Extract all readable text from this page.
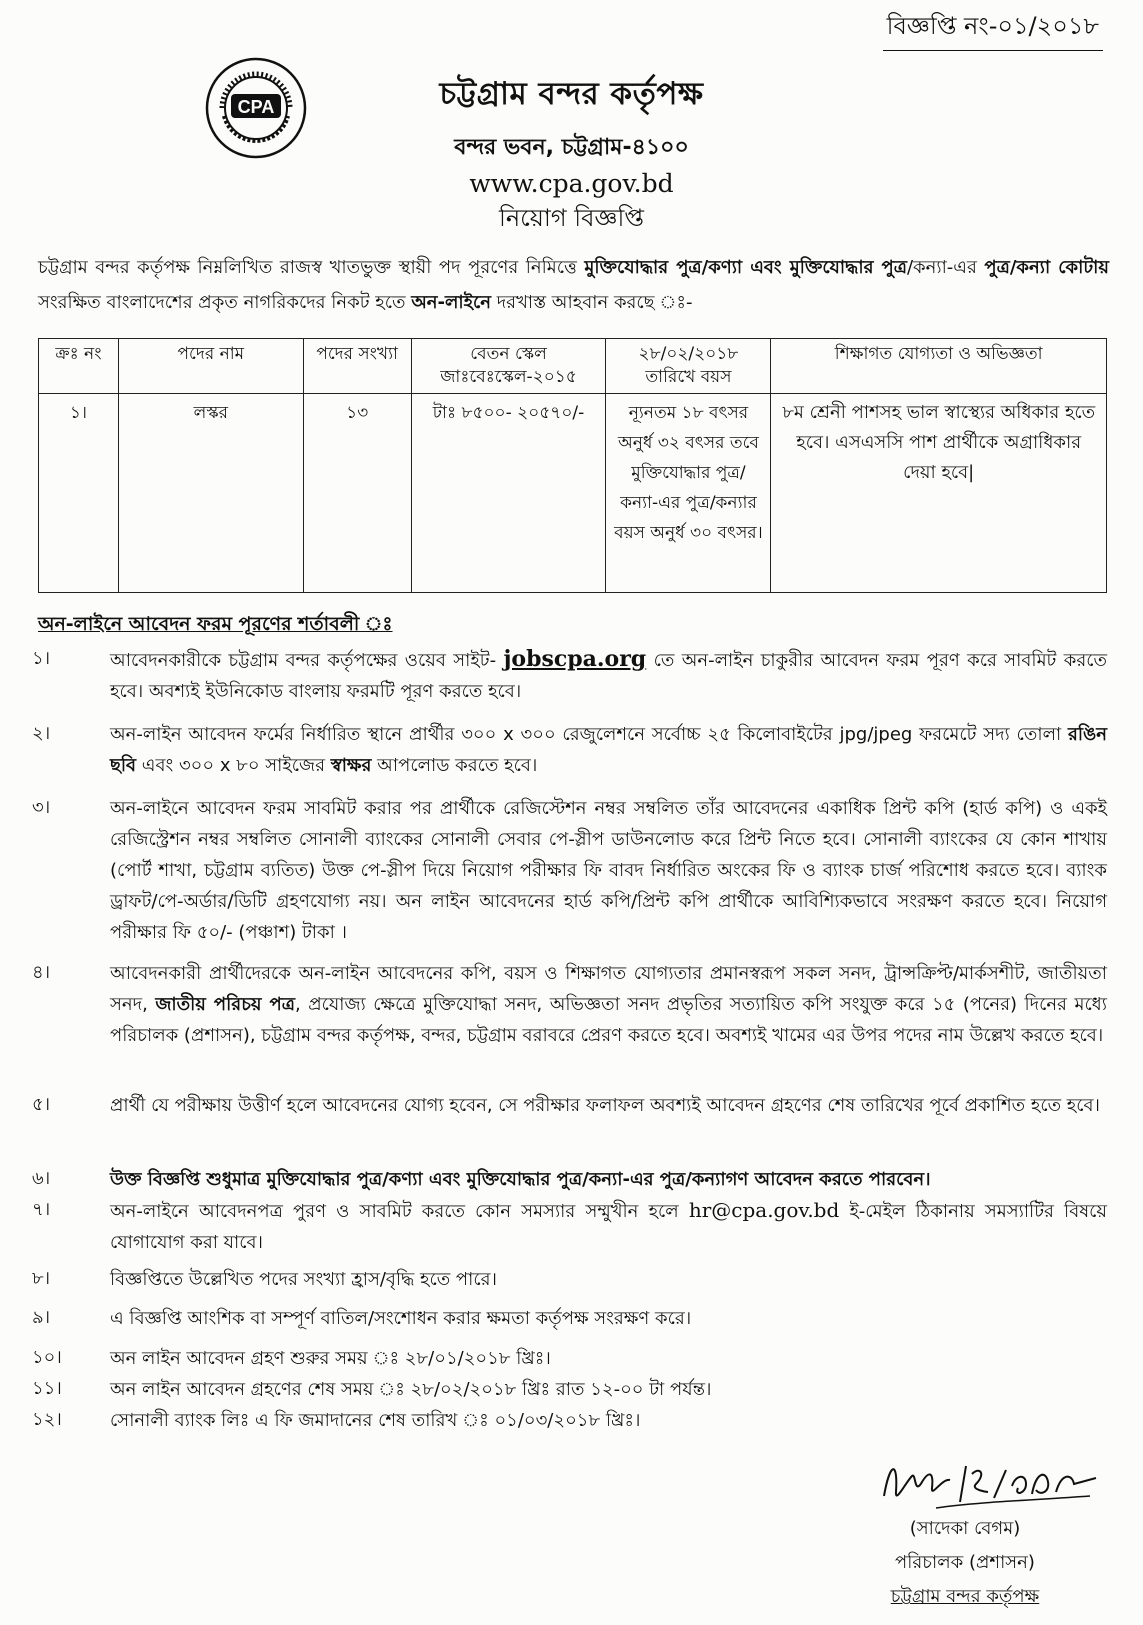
বিজ্ঞপ্তি নং-০১/২০১৮
CPA	চট্টগ্রাম বন্দর কর্তৃপক্ষ
বন্দর ভবন, চট্টগ্রাম-৪১০০
www.cpa.gov.bd
নিয়োগ বিজ্ঞপ্তি
চট্টগ্রাম বন্দর কর্তৃপক্ষ নিম্নলিখিত রাজস্ব খাতভুক্ত স্থায়ী পদ পূরণের নিমিত্তে মুক্তিযোদ্ধার পুত্র/কণ্যা এবং মুক্তিযোদ্ধার পুত্র/কন্যা-এর পুত্র/কন্যা কোটায় সংরক্ষিত বাংলাদেশের প্রকৃত নাগরিকদের নিকট হতে অন-লাইনে দরখাস্ত আহবান করছে ঃ-
ক্রঃ নং	পদের নাম	পদের সংখ্যা	বেতন স্কেল জাঃবেঃস্কেল-২০১৫	২৮/০২/২০১৮ তারিখে বয়স	শিক্ষাগত যোগ্যতা ও অভিজ্ঞতা
১।	লস্কর	১৩	টাঃ ৮৫০০- ২০৫৭০/-	ন্যূনতম ১৮ বৎসর অনুর্ধ ৩২ বৎসর তবে মুক্তিযোদ্ধার পুত্র/কন্যা-এর পুত্র/কন্যার বয়স অনুর্ধ ৩০ বৎসর।	৮ম শ্রেনী পাশসহ ভাল স্বাস্থ্যের অধিকার হতে হবে। এসএসসি পাশ প্রার্থীকে অগ্রাধিকার দেয়া হবে|
অন-লাইনে আবেদন ফরম পূরণের শর্তাবলী ঃ
১।	আবেদনকারীকে চট্টগ্রাম বন্দর কর্তৃপক্ষের ওয়েব সাইট- jobscpa.org তে অন-লাইন চাকুরীর আবেদন ফরম পূরণ করে সাবমিট করতে হবে। অবশ্যই ইউনিকোড বাংলায় ফরমটি পূরণ করতে হবে।
২।	অন-লাইন আবেদন ফর্মের নির্ধারিত স্থানে প্রার্থীর ৩০০ x ৩০০ রেজুলেশনে সর্বোচ্চ ২৫ কিলোবাইটের jpg/jpeg ফরমেটে সদ্য তোলা রঙিন ছবি এবং ৩০০ x ৮০ সাইজের স্বাক্ষর আপলোড করতে হবে।
৩।	অন-লাইনে আবেদন ফরম সাবমিট করার পর প্রার্থীকে রেজিস্টেশন নম্বর সম্বলিত তাঁর আবেদনের একাধিক প্রিন্ট কপি (হার্ড কপি) ও একই রেজিস্ট্রেশন নম্বর সম্বলিত সোনালী ব্যাংকের সোনালী সেবার পে-স্লীপ ডাউনলোড করে প্রিন্ট নিতে হবে। সোনালী ব্যাংকের যে কোন শাখায় (পোর্ট শাখা, চট্টগ্রাম ব্যতিত) উক্ত পে-স্লীপ দিয়ে নিয়োগ পরীক্ষার ফি বাবদ নির্ধারিত অংকের ফি ও ব্যাংক চার্জ পরিশোধ করতে হবে। ব্যাংক ড্রাফট/পে-অর্ডার/ডিটি গ্রহণযোগ্য নয়। অন লাইন আবেদনের হার্ড কপি/প্রিন্ট কপি প্রার্থীকে আবিশ্যিকভাবে সংরক্ষণ করতে হবে। নিয়োগ পরীক্ষার ফি ৫০/- (পঞ্চাশ) টাকা ।
৪।	আবেদনকারী প্রার্থীদেরকে অন-লাইন আবেদনের কপি, বয়স ও শিক্ষাগত যোগ্যতার প্রমানস্বরূপ সকল সনদ, ট্রান্সক্রিপ্ট/মার্কসশীট, জাতীয়তা সনদ, জাতীয় পরিচয় পত্র, প্রযোজ্য ক্ষেত্রে মুক্তিযোদ্ধা সনদ, অভিজ্ঞতা সনদ প্রভৃতির সত্যায়িত কপি সংযুক্ত করে ১৫ (পনের) দিনের মধ্যে পরিচালক (প্রশাসন), চট্টগ্রাম বন্দর কর্তৃপক্ষ, বন্দর, চট্টগ্রাম বরাবরে প্রেরণ করতে হবে। অবশ্যই খামের এর উপর পদের নাম উল্লেখ করতে হবে।
৫।	প্রার্থী যে পরীক্ষায় উত্তীর্ণ হলে আবেদনের যোগ্য হবেন, সে পরীক্ষার ফলাফল অবশ্যই আবেদন গ্রহণের শেষ তারিখের পূর্বে প্রকাশিত হতে হবে।
৬।	উক্ত বিজ্ঞপ্তি শুধুমাত্র মুক্তিযোদ্ধার পুত্র/কণ্যা এবং মুক্তিযোদ্ধার পুত্র/কন্যা-এর পুত্র/কন্যাগণ আবেদন করতে পারবেন।
৭।	অন-লাইনে আবেদনপত্র পুরণ ও সাবমিট করতে কোন সমস্যার সম্মুখীন হলে hr@cpa.gov.bd ই-মেইল ঠিকানায় সমস্যাটির বিষয়ে যোগাযোগ করা যাবে।
৮।	বিজ্ঞপ্তিতে উল্লেখিত পদের সংখ্যা হ্রাস/বৃদ্ধি হতে পারে।
৯।	এ বিজ্ঞপ্তি আংশিক বা সম্পূর্ণ বাতিল/সংশোধন করার ক্ষমতা কর্তৃপক্ষ সংরক্ষণ করে।
১০।	অন লাইন আবেদন গ্রহণ শুরুর সময় ঃ ২৮/০১/২০১৮ খ্রিঃ।
১১।	অন লাইন আবেদন গ্রহণের শেষ সময় ঃ ২৮/০২/২০১৮ খ্রিঃ রাত ১২-০০ টা পর্যন্ত।
১২।	সোনালী ব্যাংক লিঃ এ ফি জমাদানের শেষ তারিখ ঃ ০১/০৩/২০১৮ খ্রিঃ।
(সাদেকা বেগম)
পরিচালক (প্রশাসন)
চট্টগ্রাম বন্দর কর্তৃপক্ষ
